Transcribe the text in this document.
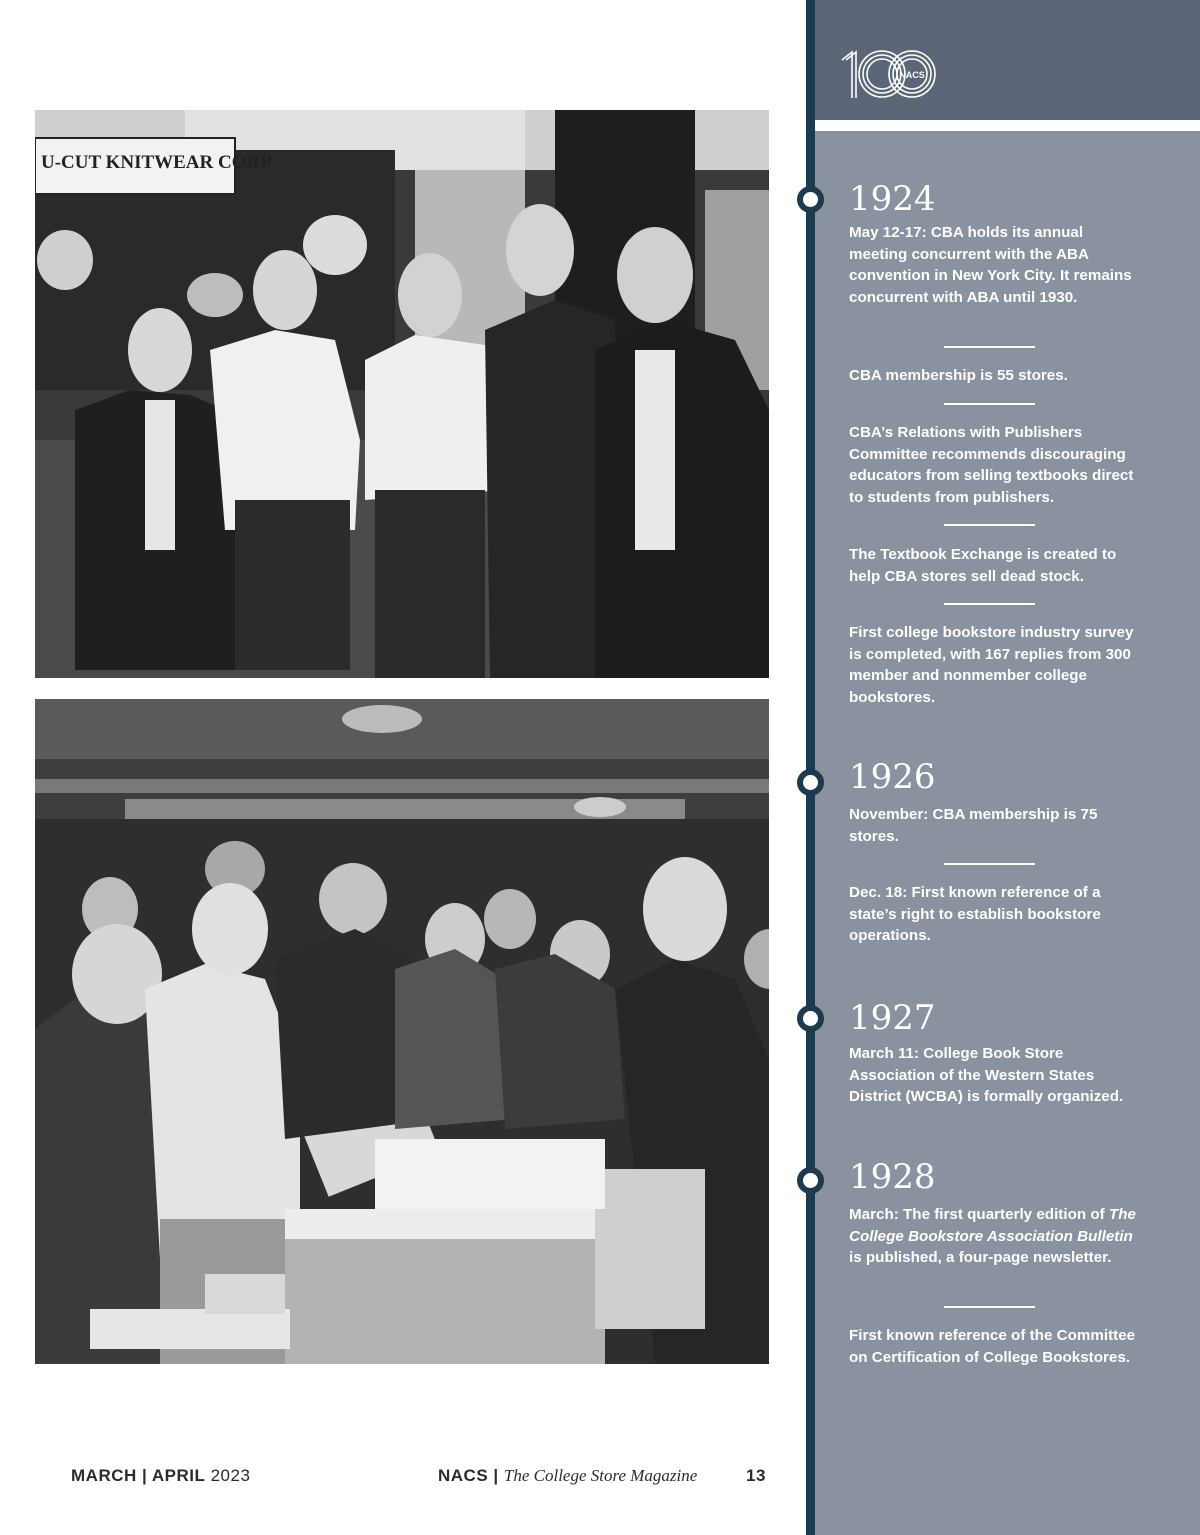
U-CUT KNITWEAR CORP
MARCH | APRIL 2023	NACS | The College Store Magazine	13
NACS
1924
May 12-17: CBA holds its annual meeting concurrent with the ABA convention in New York City. It remains concurrent with ABA until 1930.
CBA membership is 55 stores.
CBA’s Relations with Publishers Committee recommends discouraging educators from selling textbooks direct to students from publishers.
The Textbook Exchange is created to help CBA stores sell dead stock.
First college bookstore industry survey is completed, with 167 replies from 300 member and nonmember college bookstores.
1926
November: CBA membership is 75 stores.
Dec. 18: First known reference of a state’s right to establish bookstore operations.
1927
March 11: College Book Store Association of the Western States District (WCBA) is formally organized.
1928
March: The first quarterly edition of The College Bookstore Association Bulletin is published, a four-page newsletter.
First known reference of the Committee on Certification of College Bookstores.
